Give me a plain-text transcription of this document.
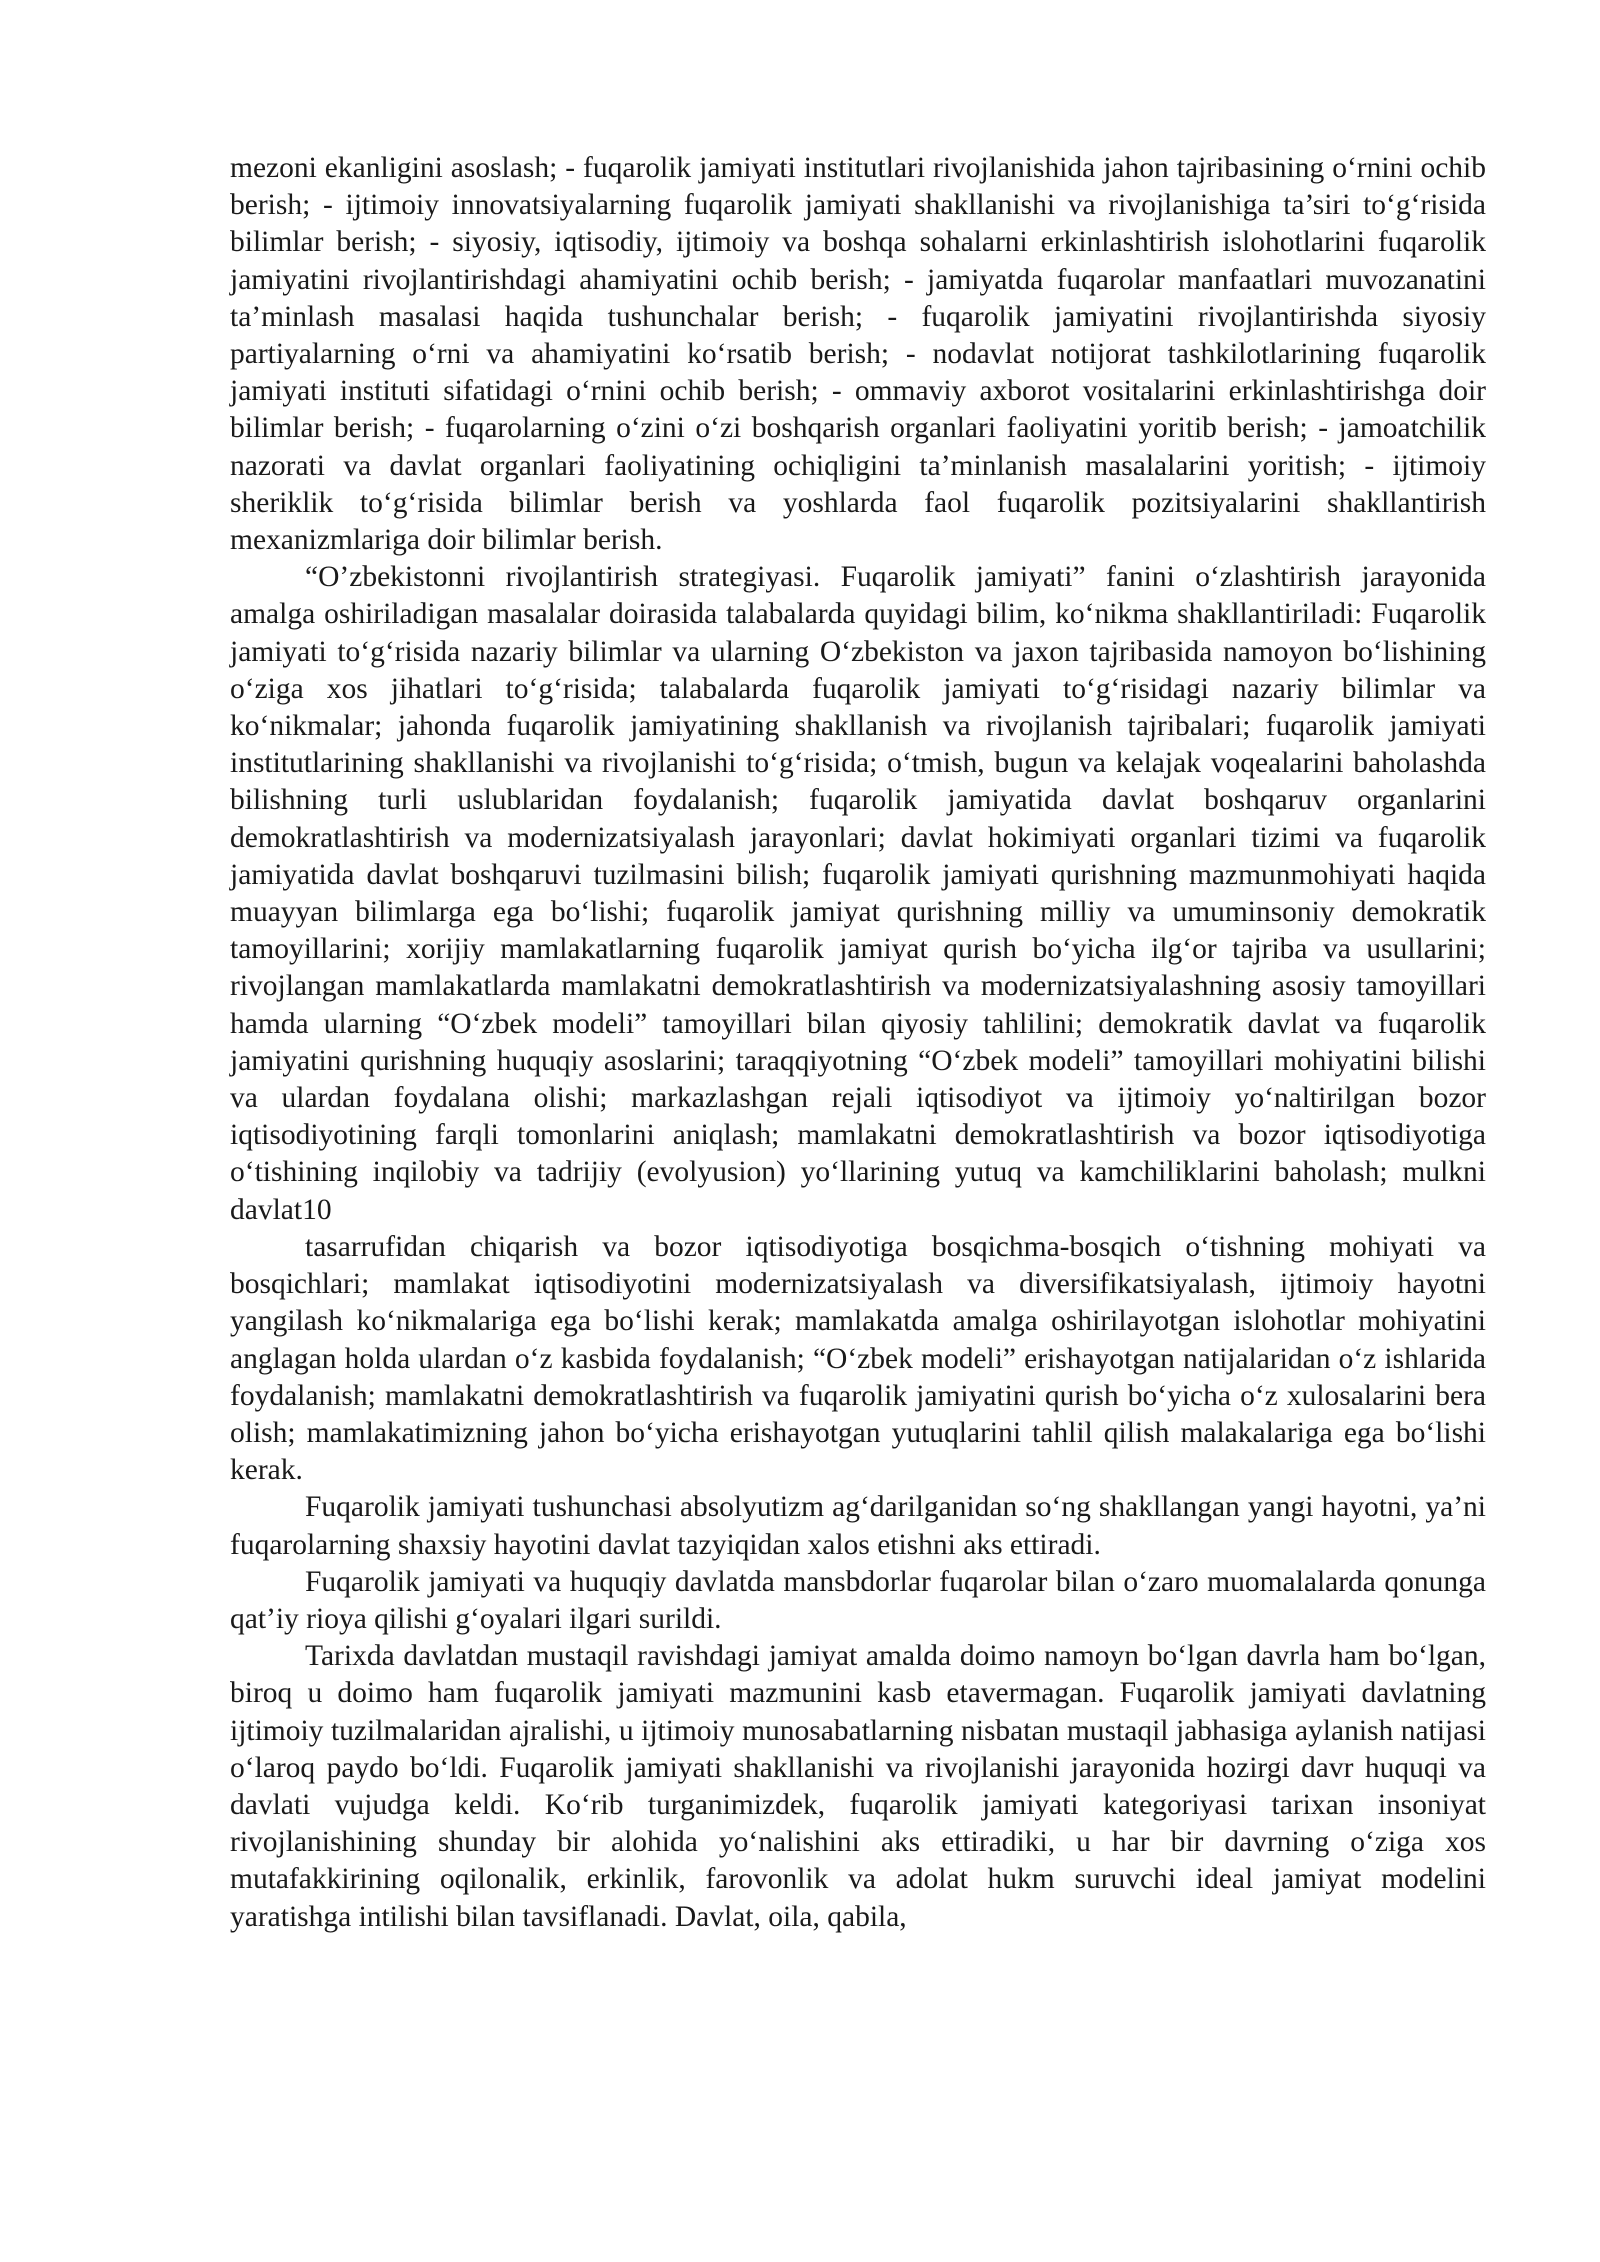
mezoni ekanligini asoslash; - fuqarolik jamiyati institutlari rivojlanishida jahon tajribasining o‘rnini ochib berish; - ijtimoiy innovatsiyalarning fuqarolik jamiyati shakllanishi va rivojlanishiga ta’siri to‘g‘risida bilimlar berish; - siyosiy, iqtisodiy, ijtimoiy va boshqa sohalarni erkinlashtirish islohotlarini fuqarolik jamiyatini rivojlantirishdagi ahamiyatini ochib berish; - jamiyatda fuqarolar manfaatlari muvozanatini ta’minlash masalasi haqida tushunchalar berish; - fuqarolik jamiyatini rivojlantirishda siyosiy partiyalarning o‘rni va ahamiyatini ko‘rsatib berish; - nodavlat notijorat tashkilotlarining fuqarolik jamiyati instituti sifatidagi o‘rnini ochib berish; - ommaviy axborot vositalarini erkinlashtirishga doir bilimlar berish; - fuqarolarning o‘zini o‘zi boshqarish organlari faoliyatini yoritib berish; - jamoatchilik nazorati va davlat organlari faoliyatining ochiqligini ta’minlanish masalalarini yoritish; - ijtimoiy sheriklik to‘g‘risida bilimlar berish va yoshlarda faol fuqarolik pozitsiyalarini shakllantirish mexanizmlariga doir bilimlar berish.

“O’zbekistonni rivojlantirish strategiyasi. Fuqarolik jamiyati” fanini o‘zlashtirish jarayonida amalga oshiriladigan masalalar doirasida talabalarda quyidagi bilim, ko‘nikma shakllantiriladi: Fuqarolik jamiyati to‘g‘risida nazariy bilimlar va ularning O‘zbekiston va jaxon tajribasida namoyon bo‘lishining o‘ziga xos jihatlari to‘g‘risida; talabalarda fuqarolik jamiyati to‘g‘risidagi nazariy bilimlar va ko‘nikmalar; jahonda fuqarolik jamiyatining shakllanish va rivojlanish tajribalari; fuqarolik jamiyati institutlarining shakllanishi va rivojlanishi to‘g‘risida; o‘tmish, bugun va kelajak voqealarini baholashda bilishning turli uslublaridan foydalanish; fuqarolik jamiyatida davlat boshqaruv organlarini demokratlashtirish va modernizatsiyalash jarayonlari; davlat hokimiyati organlari tizimi va fuqarolik jamiyatida davlat boshqaruvi tuzilmasini bilish; fuqarolik jamiyati qurishning mazmunmohiyati haqida muayyan bilimlarga ega bo‘lishi; fuqarolik jamiyat qurishning milliy va umuminsoniy demokratik tamoyillarini; xorijiy mamlakatlarning fuqarolik jamiyat qurish bo‘yicha ilg‘or tajriba va usullarini; rivojlangan mamlakatlarda mamlakatni demokratlashtirish va modernizatsiyalashning asosiy tamoyillari hamda ularning “O‘zbek modeli” tamoyillari bilan qiyosiy tahlilini; demokratik davlat va fuqarolik jamiyatini qurishning huquqiy asoslarini; taraqqiyotning “O‘zbek modeli” tamoyillari mohiyatini bilishi va ulardan foydalana olishi; markazlashgan rejali iqtisodiyot va ijtimoiy yo‘naltirilgan bozor iqtisodiyotining farqli tomonlarini aniqlash; mamlakatni demokratlashtirish va bozor iqtisodiyotiga o‘tishining inqilobiy va tadrijiy (evolyusion) yo‘llarining yutuq va kamchiliklarini baholash; mulkni davlat10

tasarrufidan chiqarish va bozor iqtisodiyotiga bosqichma-bosqich o‘tishning mohiyati va bosqichlari; mamlakat iqtisodiyotini modernizatsiyalash va diversifikatsiyalash, ijtimoiy hayotni yangilash ko‘nikmalariga ega bo‘lishi kerak; mamlakatda amalga oshirilayotgan islohotlar mohiyatini anglagan holda ulardan o‘z kasbida foydalanish; “O‘zbek modeli” erishayotgan natijalaridan o‘z ishlarida foydalanish; mamlakatni demokratlashtirish va fuqarolik jamiyatini qurish bo‘yicha o‘z xulosalarini bera olish; mamlakatimizning jahon bo‘yicha erishayotgan yutuqlarini tahlil qilish malakalariga ega bo‘lishi kerak.

Fuqarolik jamiyati tushunchasi absolyutizm ag‘darilganidan so‘ng shakllangan yangi hayotni, ya’ni fuqarolarning shaxsiy hayotini davlat tazyiqidan xalos etishni aks ettiradi.

Fuqarolik jamiyati va huquqiy davlatda mansbdorlar fuqarolar bilan o‘zaro muomalalarda qonunga qat’iy rioya qilishi g‘oyalari ilgari surildi.

Tarixda davlatdan mustaqil ravishdagi jamiyat amalda doimo namoyn bo‘lgan davrla ham bo‘lgan, biroq u doimo ham fuqarolik jamiyati mazmunini kasb etavermagan. Fuqarolik jamiyati davlatning ijtimoiy tuzilmalaridan ajralishi, u ijtimoiy munosabatlarning nisbatan mustaqil jabhasiga aylanish natijasi o‘laroq paydo bo‘ldi. Fuqarolik jamiyati shakllanishi va rivojlanishi jarayonida hozirgi davr huquqi va davlati vujudga keldi. Ko‘rib turganimizdek, fuqarolik jamiyati kategoriyasi tarixan insoniyat rivojlanishining shunday bir alohida yo‘nalishini aks ettiradiki, u har bir davrning o‘ziga xos mutafakkirining oqilonalik, erkinlik, farovonlik va adolat hukm suruvchi ideal jamiyat modelini yaratishga intilishi bilan tavsiflanadi. Davlat, oila, qabila,
